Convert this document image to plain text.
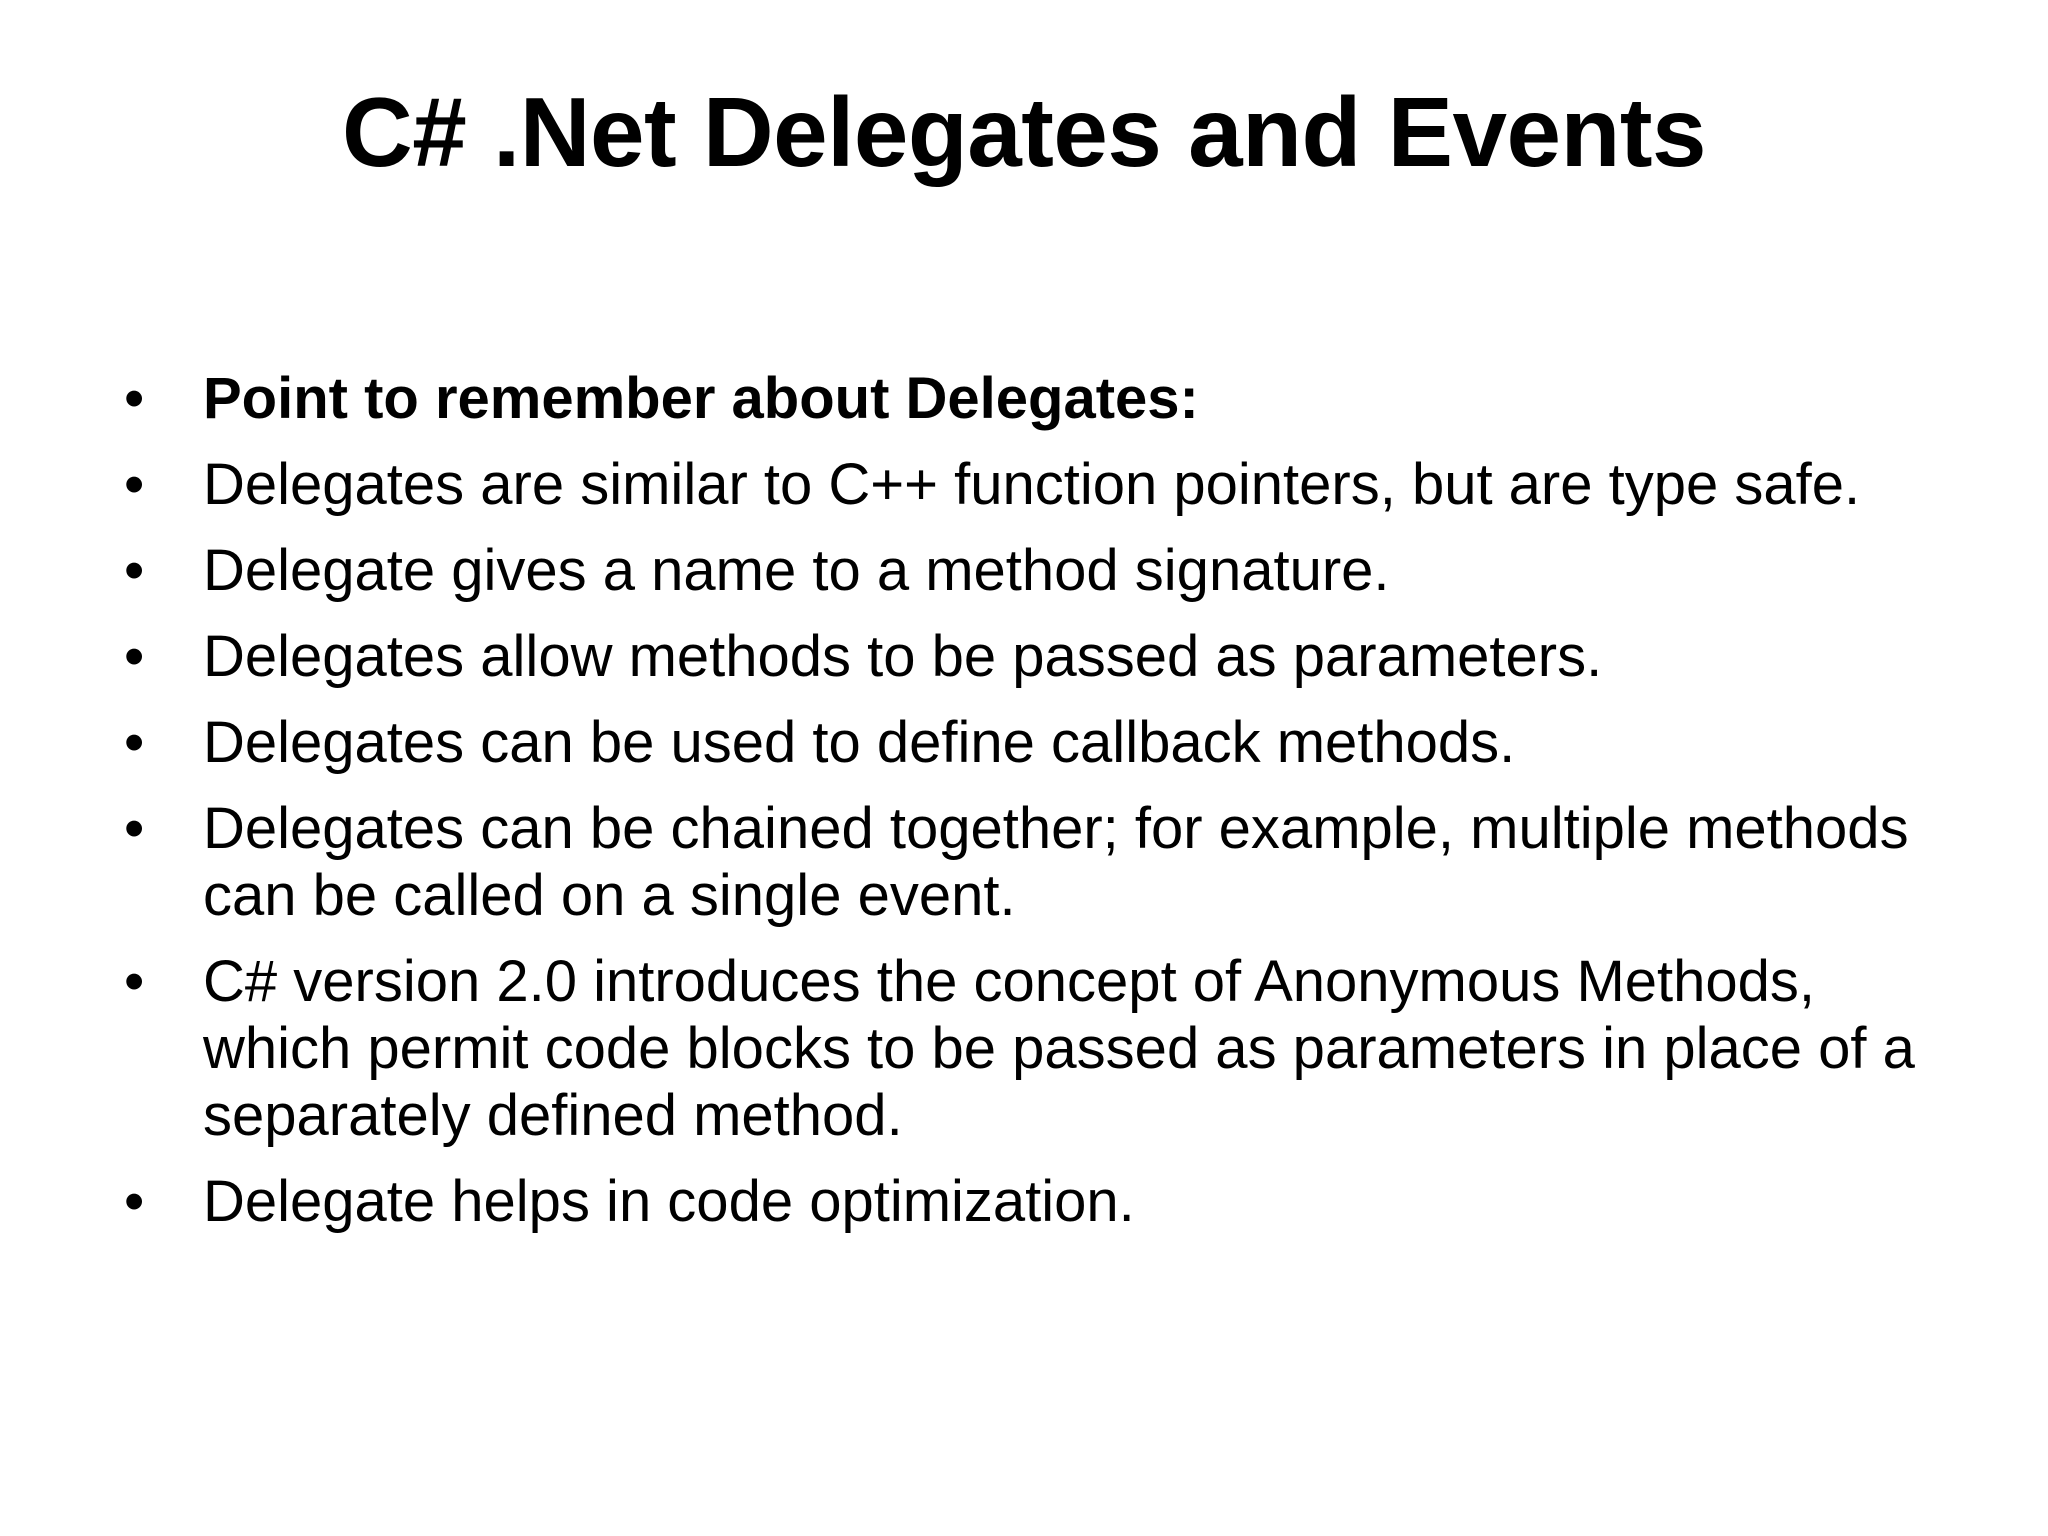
C# .Net Delegates and Events
•	Point to remember about Delegates:
•	Delegates are similar to C++ function pointers, but are type safe.
•	Delegate gives a name to a method signature.
•	Delegates allow methods to be passed as parameters.
•	Delegates can be used to define callback methods.
•	Delegates can be chained together; for example, multiple methods can be called on a single event.
•	C# version 2.0 introduces the concept of Anonymous Methods, which permit code blocks to be passed as parameters in place of a separately defined method.
•	Delegate helps in code optimization.
